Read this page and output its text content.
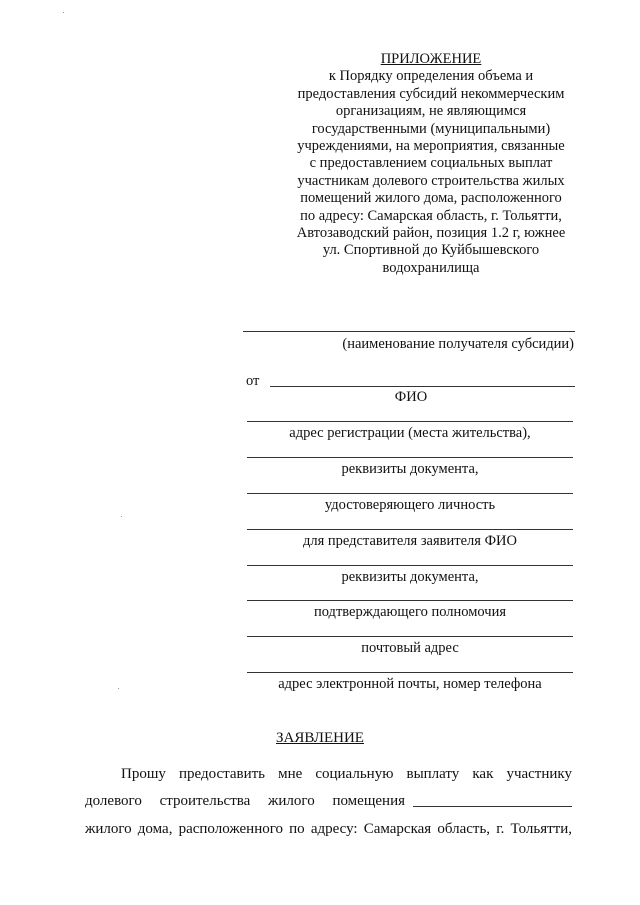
ПРИЛОЖЕНИЕ
к Порядку определения объема и
предоставления субсидий некоммерческим
организациям, не являющимся
государственными (муниципальными)
учреждениями, на мероприятия, связанные
с предоставлением социальных выплат
участникам долевого строительства жилых
помещений жилого дома, расположенного
по адресу: Самарская область, г. Тольятти,
Автозаводский район, позиция 1.2 г, южнее
ул. Спортивной до Куйбышевского
водохранилища
(наименование получателя субсидии)
от
ФИО
адрес регистрации (места жительства),
реквизиты документа,
удостоверяющего личность
для представителя заявителя ФИО
реквизиты документа,
подтверждающего полномочия
почтовый адрес
адрес электронной почты, номер телефона
ЗАЯВЛЕНИЕ
Прошу предоставить мне социальную выплату как участнику
долевого строительства жилого помещения
жилого дома, расположенного по адресу: Самарская область, г. Тольятти,
